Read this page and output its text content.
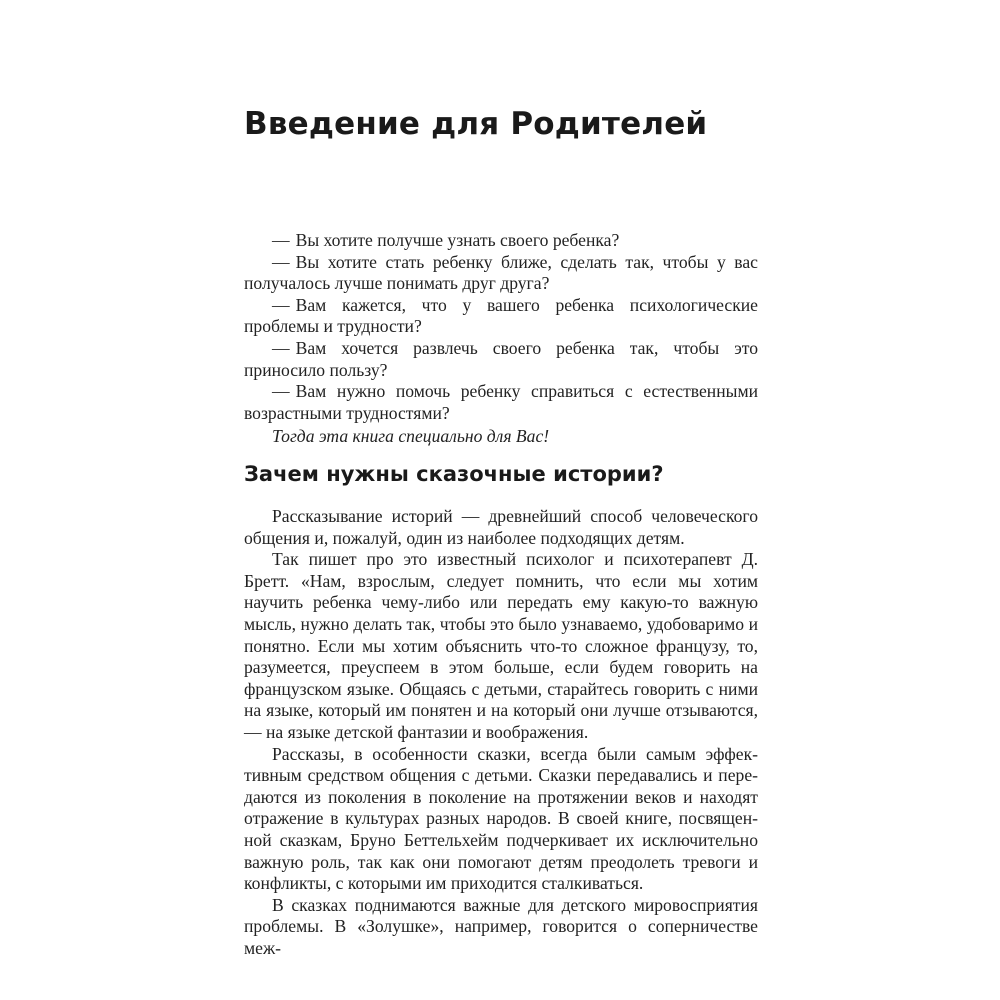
Введение для Родителей

— Вы хотите получше узнать своего ребенка?

— Вы хотите стать ребенку ближе, сделать так, чтобы у вас получалось лучше понимать друг друга?

— Вам кажется, что у вашего ребенка психологические проблемы и трудности?

— Вам хочется развлечь своего ребенка так, чтобы это приносило пользу?

— Вам нужно помочь ребенку справиться с естественными возрастными трудностями?

Тогда эта книга специально для Вас!

Зачем нужны сказочные истории?

Рассказывание историй — древнейший способ человеческого общения и, пожалуй, один из наиболее подходящих детям.

Так пишет про это известный психолог и психотерапевт Д. Бретт. «Нам, взрослым, следует помнить, что если мы хотим научить ребенка чему-либо или передать ему какую-то важную мысль, нужно делать так, чтобы это было узнаваемо, удобоваримо и понятно. Если мы хотим объяснить что-то сложное французу, то, разумеется, преуспеем в этом больше, если будем говорить на французском языке. Общаясь с детьми, старайтесь говорить с ними на языке, который им понятен и на который они лучше отзываются, — на языке детской фантазии и воображения.

Рассказы, в особенности сказки, всегда были самым эффективным средством общения с детьми. Сказки передавались и передаются из поколения в поколение на протяжении веков и находят отражение в культурах разных народов. В своей книге, посвященной сказкам, Бруно Беттельхейм подчеркивает их исключительно важную роль, так как они помогают детям преодолеть тревоги и конфликты, с которыми им приходится сталкиваться.

В сказках поднимаются важные для детского мировосприятия проблемы. В «Золушке», например, говорится о соперничестве меж-
